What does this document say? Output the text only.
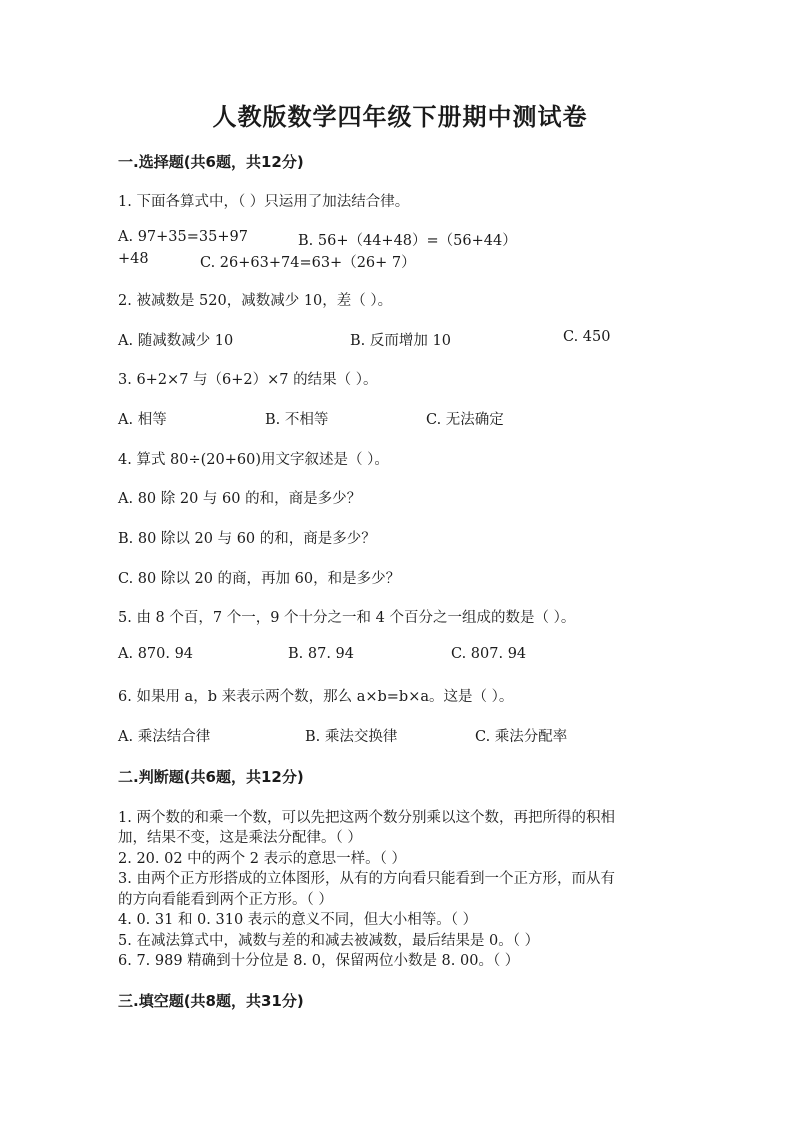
人教版数学四年级下册期中测试卷
一.选择题(共6题，共12分)
1. 下面各算式中，（ ）只运用了加法结合律。
A. 97+35=35+97	B. 56+（44+48）=（56+44）
+48	C. 26+63+74=63+（26+ 7）
2. 被减数是 520，减数减少 10，差（ ）。
A. 随减数减少 10	B. 反而增加 10	C. 450
3. 6+2×7 与（6+2）×7 的结果（ ）。
A. 相等	B. 不相等	C. 无法确定
4. 算式 80÷(20+60)用文字叙述是（ ）。
A. 80 除 20 与 60 的和，商是多少？
B. 80 除以 20 与 60 的和，商是多少？
C. 80 除以 20 的商，再加 60，和是多少？
5. 由 8 个百，7 个一，9 个十分之一和 4 个百分之一组成的数是（ ）。
A. 870. 94	B. 87. 94	C. 807. 94
6. 如果用 a，b 来表示两个数，那么 a×b=b×a。这是（ ）。
A. 乘法结合律	B. 乘法交换律	C. 乘法分配率
二.判断题(共6题，共12分)
1. 两个数的和乘一个数，可以先把这两个数分别乘以这个数，再把所得的积相
加，结果不变，这是乘法分配律。（ ）
2. 20. 02 中的两个 2 表示的意思一样。（ ）
3. 由两个正方形搭成的立体图形，从有的方向看只能看到一个正方形，而从有
的方向看能看到两个正方形。（ ）
4. 0. 31 和 0. 310 表示的意义不同，但大小相等。（ ）
5. 在减法算式中，减数与差的和减去被减数，最后结果是 0。（ ）
6. 7. 989 精确到十分位是 8. 0，保留两位小数是 8. 00。（ ）
三.填空题(共8题，共31分)
